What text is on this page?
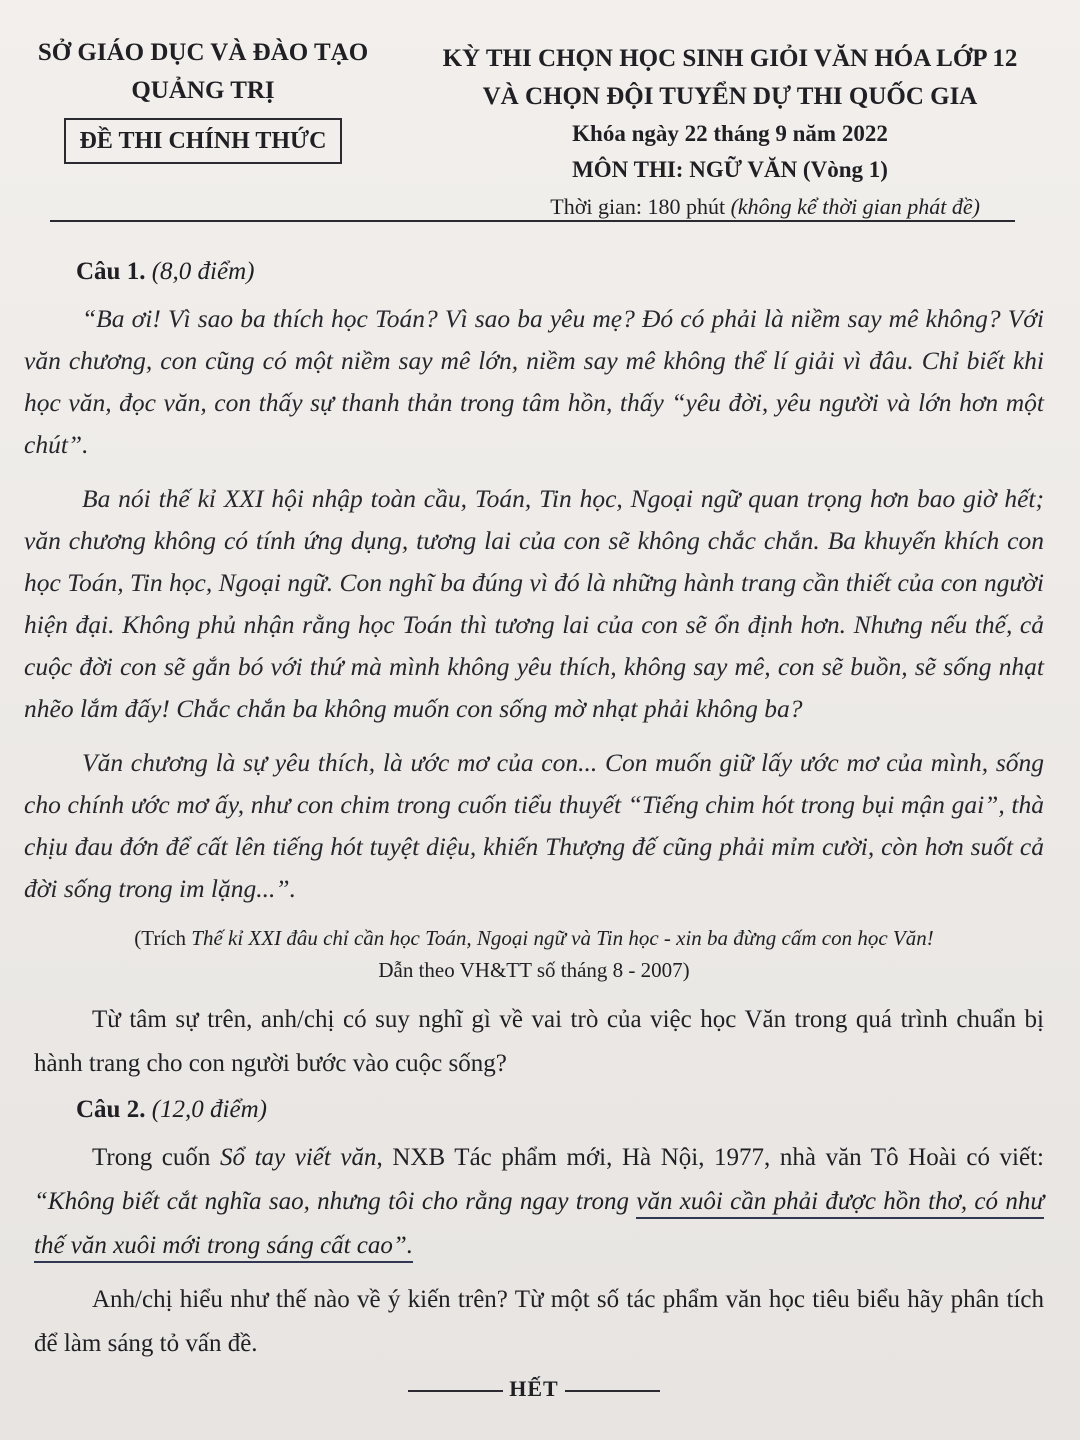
SỞ GIÁO DỤC VÀ ĐÀO TẠO
QUẢNG TRỊ
ĐỀ THI CHÍNH THỨC
KỲ THI CHỌN HỌC SINH GIỎI VĂN HÓA LỚP 12
VÀ CHỌN ĐỘI TUYỂN DỰ THI QUỐC GIA
Khóa ngày 22 tháng 9 năm 2022
MÔN THI: NGỮ VĂN (Vòng 1)
Thời gian: 180 phút (không kể thời gian phát đề)
Câu 1. (8,0 điểm)

“Ba ơi! Vì sao ba thích học Toán? Vì sao ba yêu mẹ? Đó có phải là niềm say mê không? Với văn chương, con cũng có một niềm say mê lớn, niềm say mê không thể lí giải vì đâu. Chỉ biết khi học văn, đọc văn, con thấy sự thanh thản trong tâm hồn, thấy “yêu đời, yêu người và lớn hơn một chút”.

Ba nói thế kỉ XXI hội nhập toàn cầu, Toán, Tin học, Ngoại ngữ quan trọng hơn bao giờ hết; văn chương không có tính ứng dụng, tương lai của con sẽ không chắc chắn. Ba khuyến khích con học Toán, Tin học, Ngoại ngữ. Con nghĩ ba đúng vì đó là những hành trang cần thiết của con người hiện đại. Không phủ nhận rằng học Toán thì tương lai của con sẽ ổn định hơn. Nhưng nếu thế, cả cuộc đời con sẽ gắn bó với thứ mà mình không yêu thích, không say mê, con sẽ buồn, sẽ sống nhạt nhẽo lắm đấy! Chắc chắn ba không muốn con sống mờ nhạt phải không ba?

Văn chương là sự yêu thích, là ước mơ của con... Con muốn giữ lấy ước mơ của mình, sống cho chính ước mơ ấy, như con chim trong cuốn tiểu thuyết “Tiếng chim hót trong bụi mận gai”, thà chịu đau đớn để cất lên tiếng hót tuyệt diệu, khiến Thượng đế cũng phải mỉm cười, còn hơn suốt cả đời sống trong im lặng...”.

(Trích Thế kỉ XXI đâu chỉ cần học Toán, Ngoại ngữ và Tin học - xin ba đừng cấm con học Văn!
Dẫn theo VH&TT số tháng 8 - 2007)

Từ tâm sự trên, anh/chị có suy nghĩ gì về vai trò của việc học Văn trong quá trình chuẩn bị hành trang cho con người bước vào cuộc sống?

Câu 2. (12,0 điểm)

Trong cuốn Sổ tay viết văn, NXB Tác phẩm mới, Hà Nội, 1977, nhà văn Tô Hoài có viết: “Không biết cắt nghĩa sao, nhưng tôi cho rằng ngay trong văn xuôi cần phải được hồn thơ, có như thế văn xuôi mới trong sáng cất cao”.

Anh/chị hiểu như thế nào về ý kiến trên? Từ một số tác phẩm văn học tiêu biểu hãy phân tích để làm sáng tỏ vấn đề.

HẾT
